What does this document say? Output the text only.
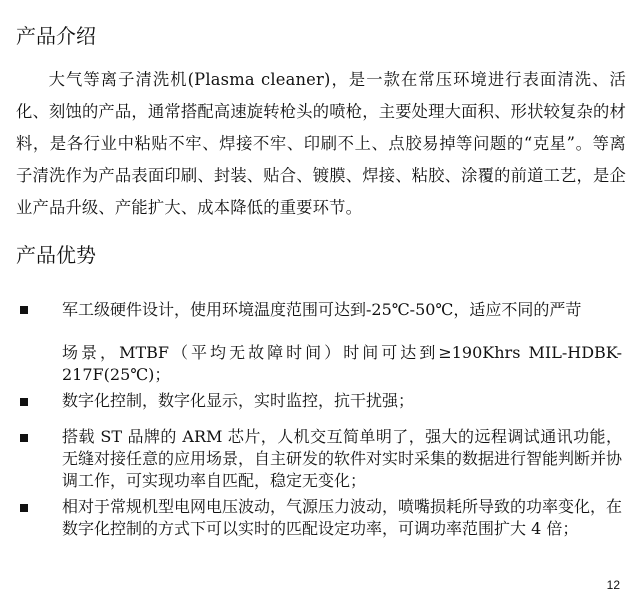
产品介绍

大气等离子清洗机(Plasma cleaner)，是一款在常压环境进行表面清洗、活化、刻蚀的产品，通常搭配高速旋转枪头的喷枪，主要处理大面积、形状较复杂的材料，是各行业中粘贴不牢、焊接不牢、印刷不上、点胶易掉等问题的“克星”。等离子清洗作为产品表面印刷、封装、贴合、镀膜、焊接、粘胶、涂覆的前道工艺，是企业产品升级、产能扩大、成本降低的重要环节。

产品优势

军工级硬件设计，使用环境温度范围可达到-25℃-50℃，适应不同的严苛

场景，MTBF（平均无故障时间）时间可达到≥190Khrs MIL-HDBK-217F(25℃)；

数字化控制，数字化显示，实时监控，抗干扰强；

搭载 ST 品牌的 ARM 芯片，人机交互简单明了，强大的远程调试通讯功能，无缝对接任意的应用场景，自主研发的软件对实时采集的数据进行智能判断并协调工作，可实现功率自匹配，稳定无变化；

相对于常规机型电网电压波动，气源压力波动，喷嘴损耗所导致的功率变化，在数字化控制的方式下可以实时的匹配设定功率，可调功率范围扩大 4 倍；

12
